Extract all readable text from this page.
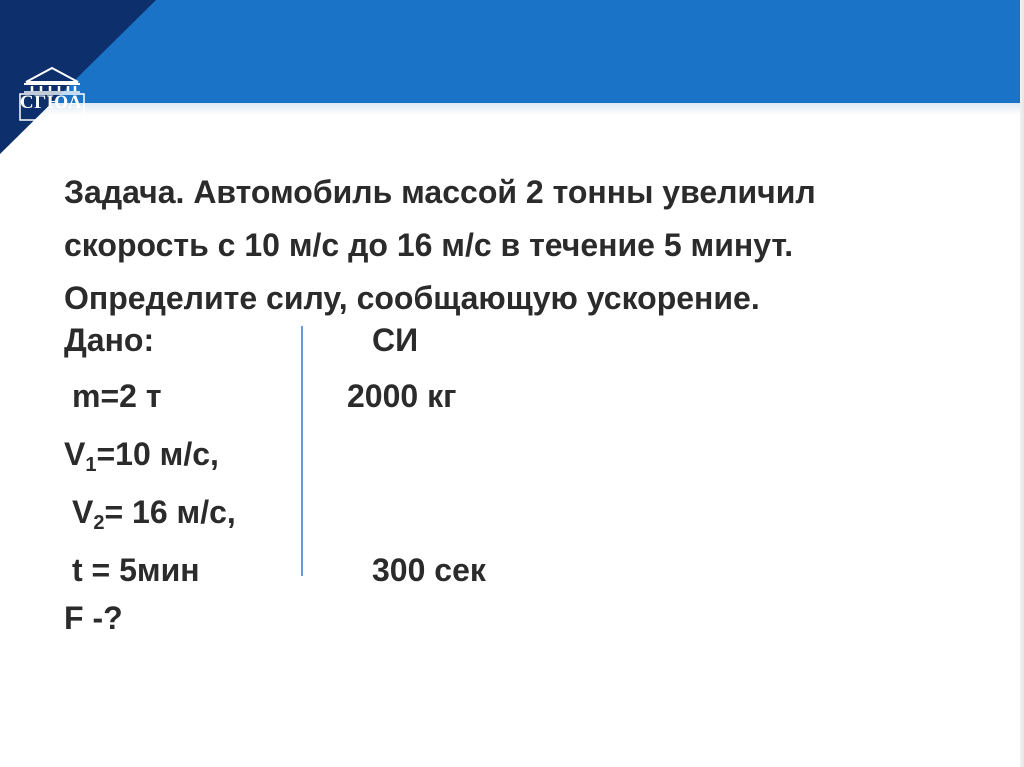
СГЮА
Задача. Автомобиль массой 2 тонны увеличил
скорость с 10 м/с до 16 м/с в течение 5 минут.
Определите силу, сообщающую ускорение.
Дано:	СИ
m=2 т	2000 кг
$V_1=10$ м/с,
$V_2= 16$ м/с,
t = 5мин	300 сек
F -?
